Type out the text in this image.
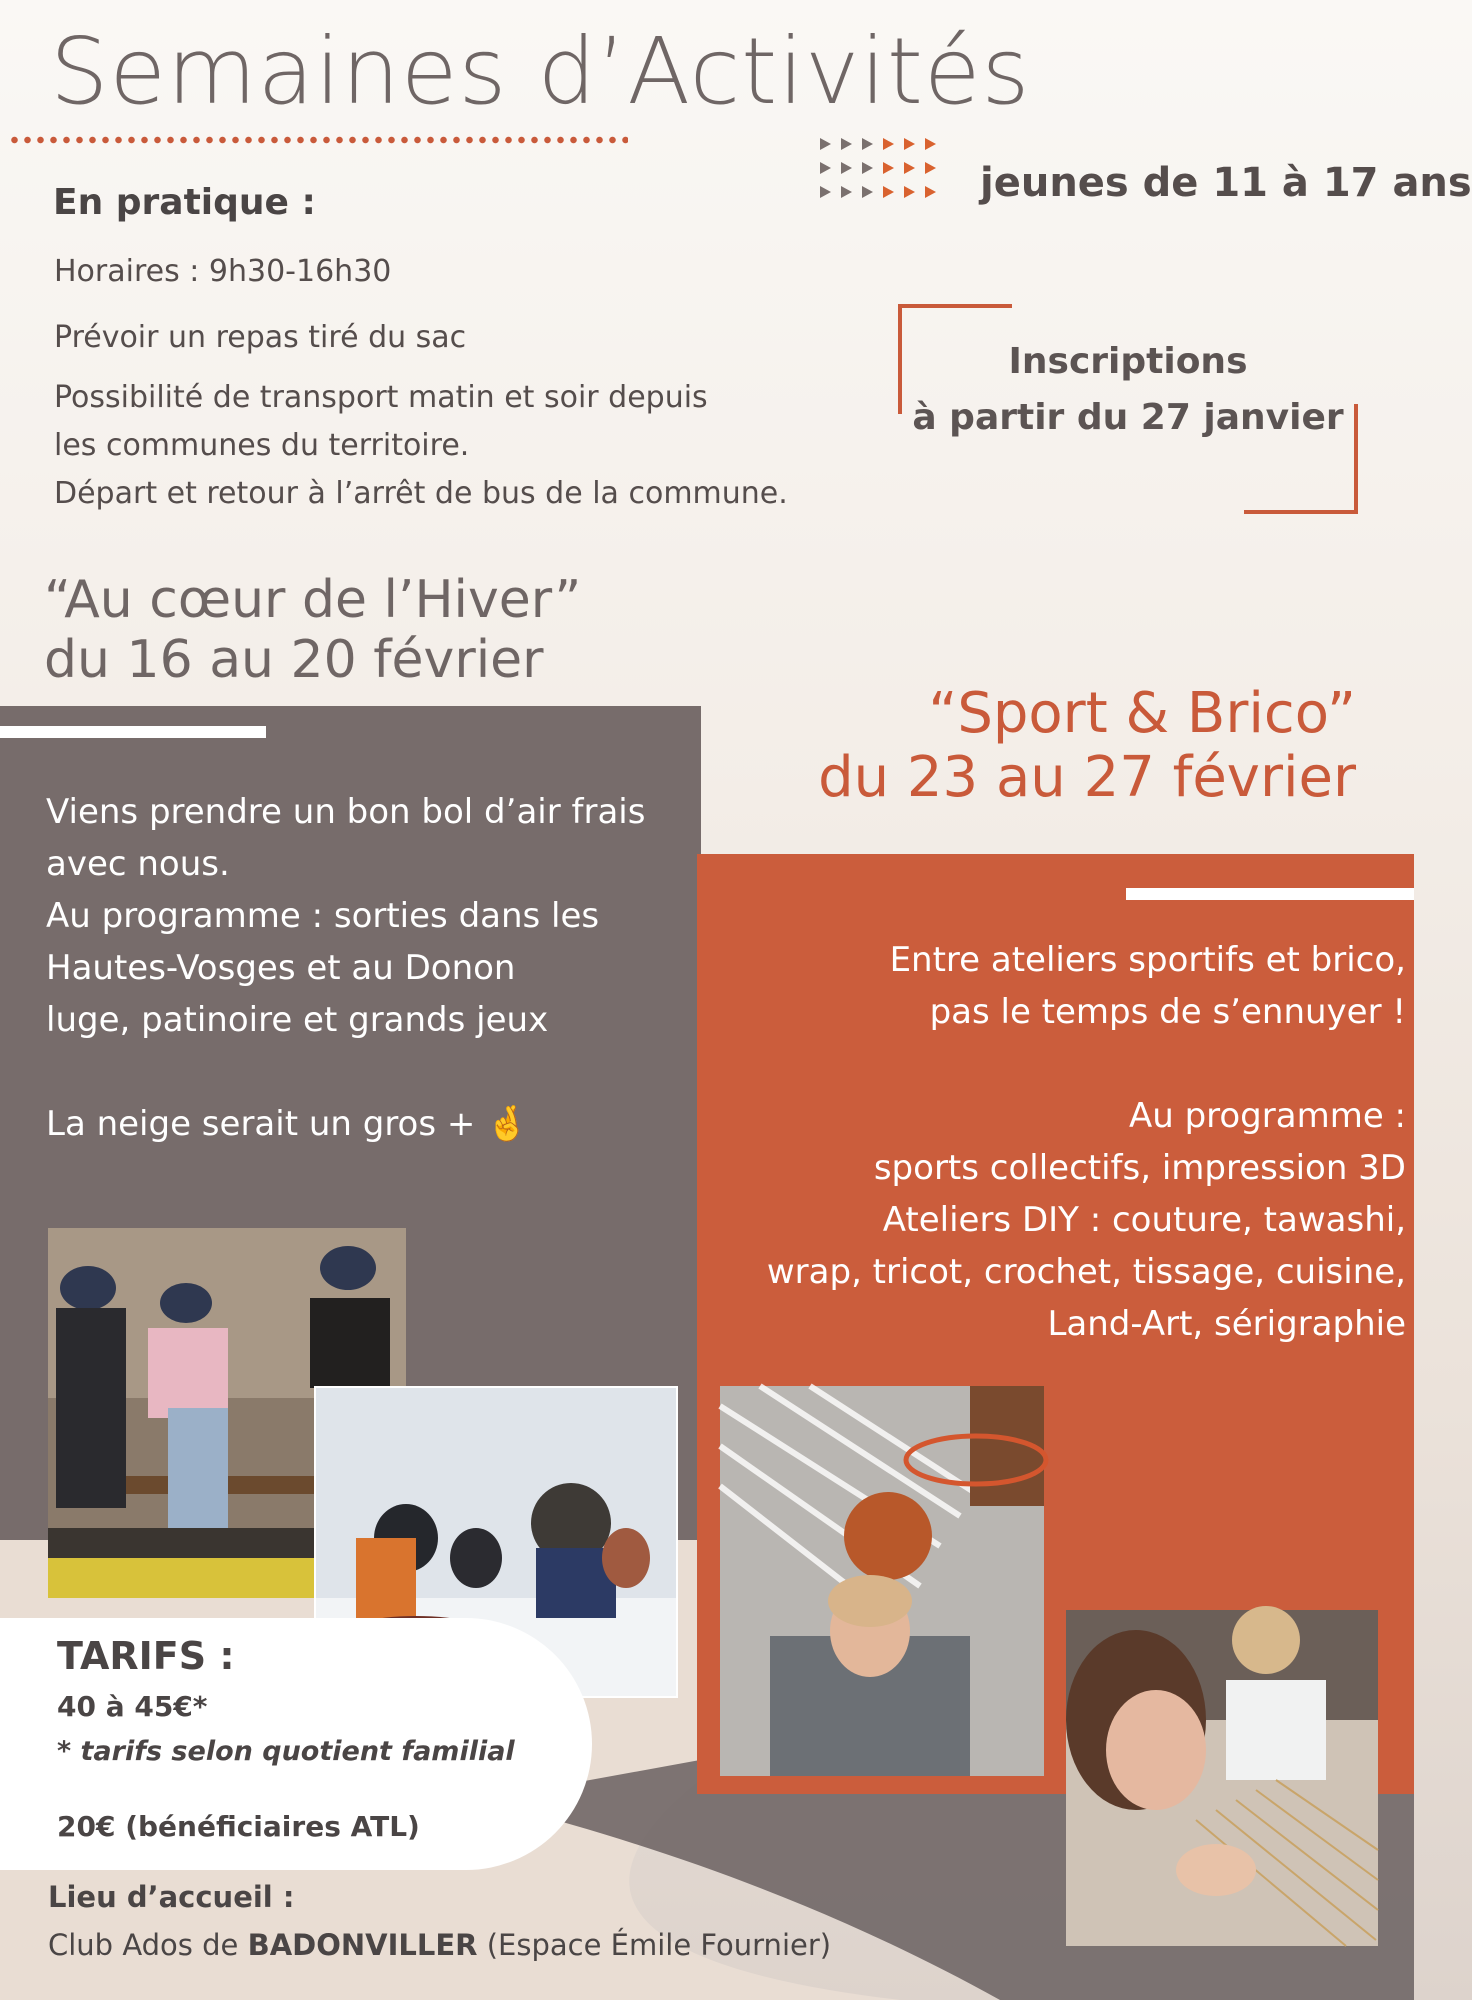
Semaines d’Activités
jeunes de 11 à 17 ans
En pratique :
Horaires : 9h30-16h30
Prévoir un repas tiré du sac
Possibilité de transport matin et soir depuis
les communes du territoire.
Départ et retour à l’arrêt de bus de la commune.
Inscriptions
à partir du 27 janvier
“Au cœur de l’Hiver”
du 16 au 20 février
Viens prendre un bon bol d’air frais
avec nous.
Au programme : sorties dans les
Hautes-Vosges et au Donon
luge, patinoire et grands jeux

La neige serait un gros + 🤞
“Sport & Brico”
du 23 au 27 février
Entre ateliers sportifs et brico,
pas le temps de s’ennuyer !

Au programme :
sports collectifs, impression 3D
Ateliers DIY : couture, tawashi,
wrap, tricot, crochet, tissage, cuisine,
Land-Art, sérigraphie
TARIFS :
40 à 45€*
* tarifs selon quotient familial
20€ (bénéficiaires ATL)
Lieu d’accueil :
Club Ados de BADONVILLER (Espace Émile Fournier)
